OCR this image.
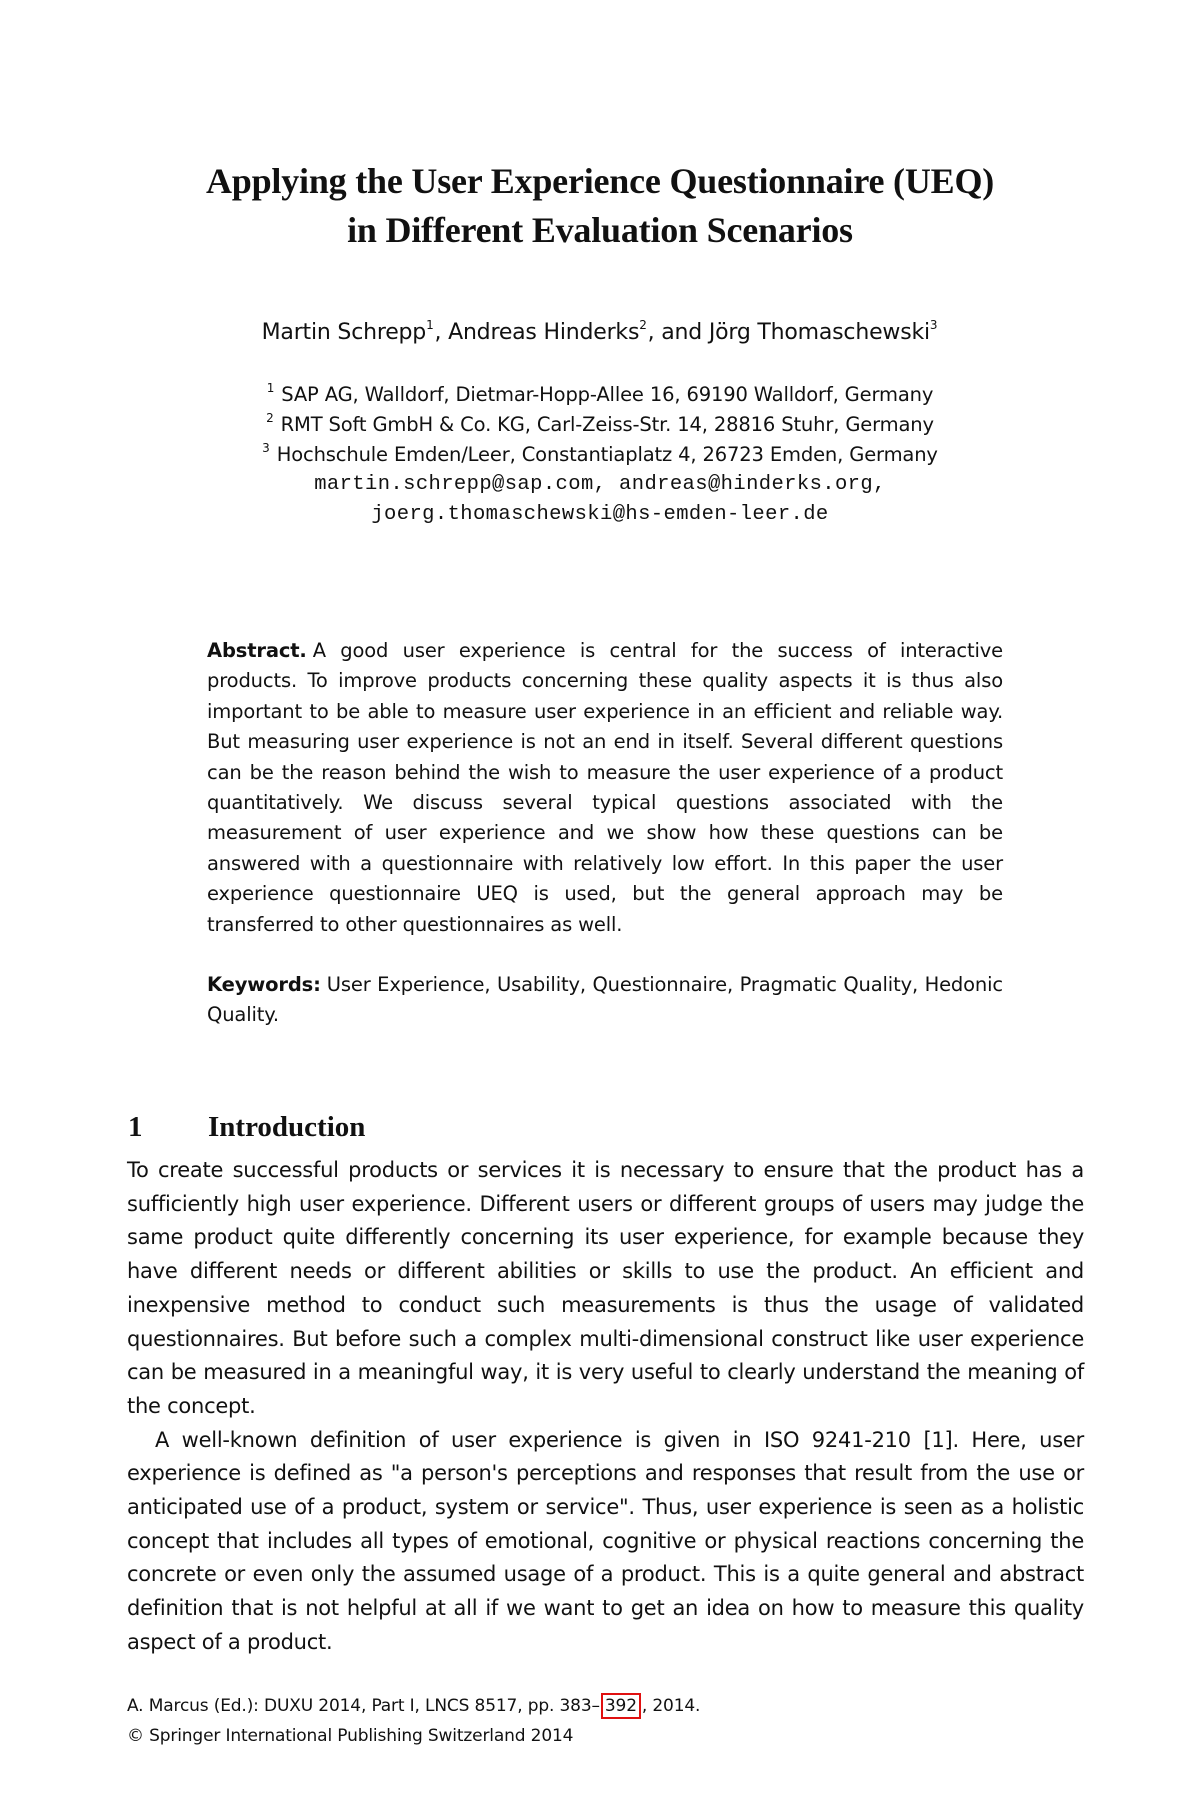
Applying the User Experience Questionnaire (UEQ)
in Different Evaluation Scenarios
Martin Schrepp$^1$, Andreas Hinderks$^2$, and Jörg Thomaschewski$^3$
$^1$ SAP AG, Walldorf, Dietmar-Hopp-Allee 16, 69190 Walldorf, Germany
$^2$ RMT Soft GmbH & Co. KG, Carl-Zeiss-Str. 14, 28816 Stuhr, Germany
$^3$ Hochschule Emden/Leer, Constantiaplatz 4, 26723 Emden, Germany
martin.schrepp@sap.com, andreas@hinderks.org,
joerg.thomaschewski@hs-emden-leer.de
Abstract. A good user experience is central for the success of interactive products. To improve products concerning these quality aspects it is thus also important to be able to measure user experience in an efficient and reliable way. But measuring user experience is not an end in itself. Several different questions can be the reason behind the wish to measure the user experience of a product quantitatively. We discuss several typical questions associated with the measurement of user experience and we show how these questions can be answered with a questionnaire with relatively low effort. In this paper the user experience questionnaire UEQ is used, but the general approach may be transferred to other questionnaires as well.
Keywords: User Experience, Usability, Questionnaire, Pragmatic Quality, Hedonic Quality.
1 Introduction

To create successful products or services it is necessary to ensure that the product has a sufficiently high user experience. Different users or different groups of users may judge the same product quite differently concerning its user experience, for example because they have different needs or different abilities or skills to use the product. An efficient and inexpensive method to conduct such measurements is thus the usage of validated questionnaires. But before such a complex multi-dimensional construct like user experience can be measured in a meaningful way, it is very useful to clearly understand the meaning of the concept.

A well-known definition of user experience is given in ISO 9241-210 [1]. Here, user experience is defined as "a person's perceptions and responses that result from the use or anticipated use of a product, system or service". Thus, user experience is seen as a holistic concept that includes all types of emotional, cognitive or physical reactions concerning the concrete or even only the assumed usage of a product. This is a quite general and abstract definition that is not helpful at all if we want to get an idea on how to measure this quality aspect of a product.

A. Marcus (Ed.): DUXU 2014, Part I, LNCS 8517, pp. 383– 392 , 2014.
© Springer International Publishing Switzerland 2014
